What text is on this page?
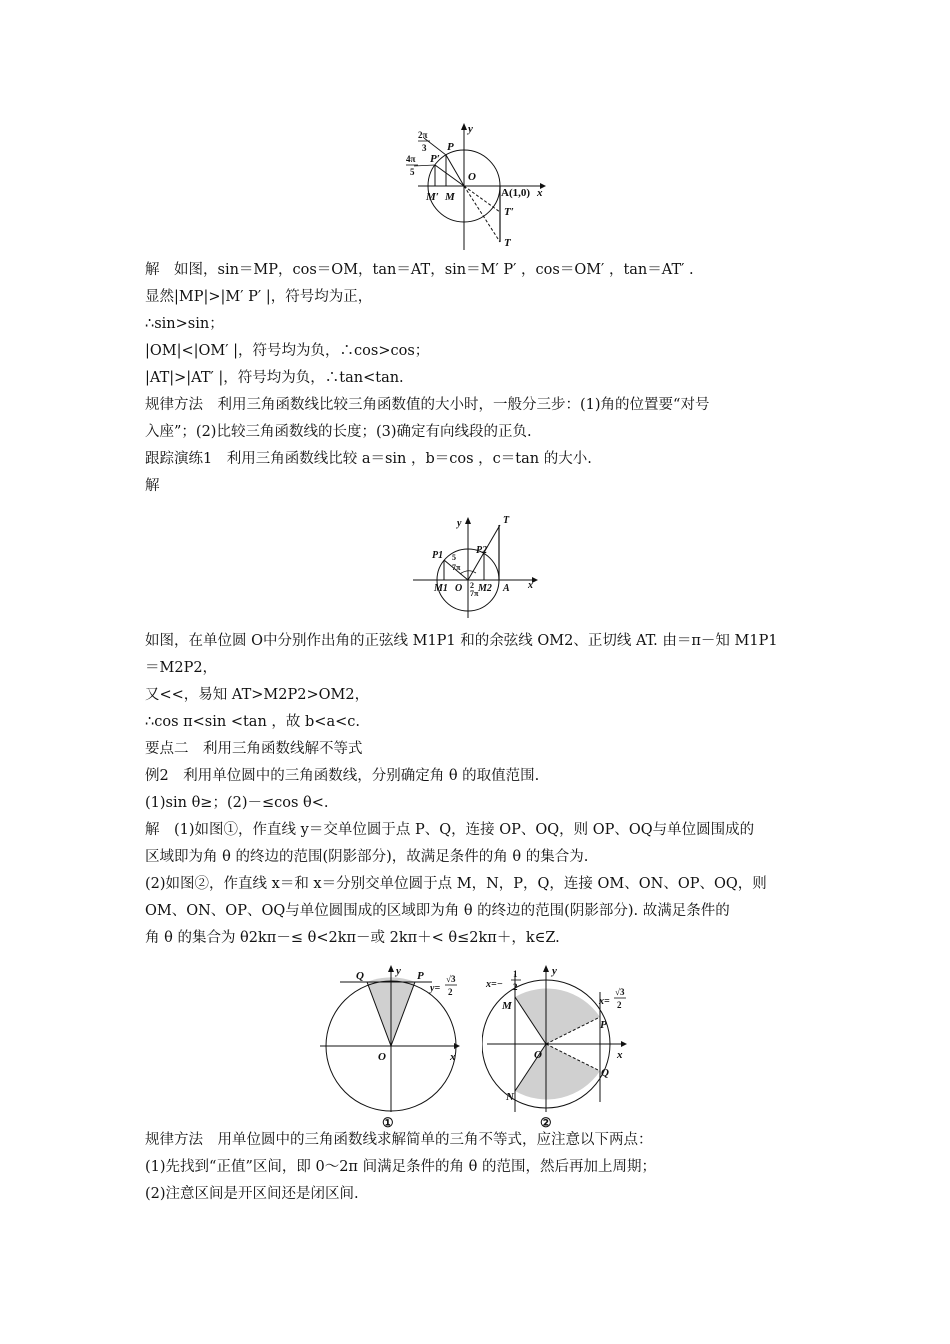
y
x
2π
3
4π
5
P
P′
O
M′ M	A(1,0)
T′
T
解　如图，sin＝MP，cos＝OM，tan＝AT，sin＝M′ P′ ，cos＝OM′ ，tan＝AT′ .
显然|MP|>|M′ P′ |，符号均为正，
∴sin>sin；
|OM|<|OM′ |，符号均为负，∴cos>cos；
|AT|>|AT′ |，符号均为负，∴tan<tan.
规律方法　利用三角函数线比较三角函数值的大小时，一般分三步：(1)角的位置要“对号
入座”；(2)比较三角函数线的长度；(3)确定有向线段的正负.
跟踪演练1　利用三角函数线比较 a＝sin ，b＝cos ，c＝tan 的大小.
解
T
y
P1	P2
5
7π
2
7π
M1 O M2 A x
如图，在单位圆 O中分别作出角的正弦线 M1P1 和的余弦线 OM2、正切线 AT. 由＝π－知 M1P1
＝M2P2，
又<<，易知 AT>M2P2>OM2，
∴cos π<sin <tan ，故 b<a<c.
要点二　利用三角函数线解不等式
例2　利用单位圆中的三角函数线，分别确定角 θ 的取值范围.
(1)sin θ≥；(2)－≤cos θ<.
解　(1)如图①，作直线 y＝交单位圆于点 P、Q，连接 OP、OQ，则 OP、OQ与单位圆围成的
区域即为角 θ 的终边的范围(阴影部分)，故满足条件的角 θ 的集合为.
(2)如图②，作直线 x＝和 x＝分别交单位圆于点 M，N，P，Q，连接 OM、ON、OP、OQ，则
OM、ON、OP、OQ与单位圆围成的区域即为角 θ 的终边的范围(阴影部分). 故满足条件的
角 θ 的集合为 θ2kπ－≤ θ<2kπ－或 2kπ＋< θ≤2kπ＋，k∈Z.
y
Q	P
y=
√3
2
O	x
①
x=−
1
2
y
x=
√3
2
M
P
O	x
N
Q
②
规律方法　用单位圆中的三角函数线求解简单的三角不等式，应注意以下两点：
(1)先找到“正值”区间，即 0～2π 间满足条件的角 θ 的范围，然后再加上周期；
(2)注意区间是开区间还是闭区间.
